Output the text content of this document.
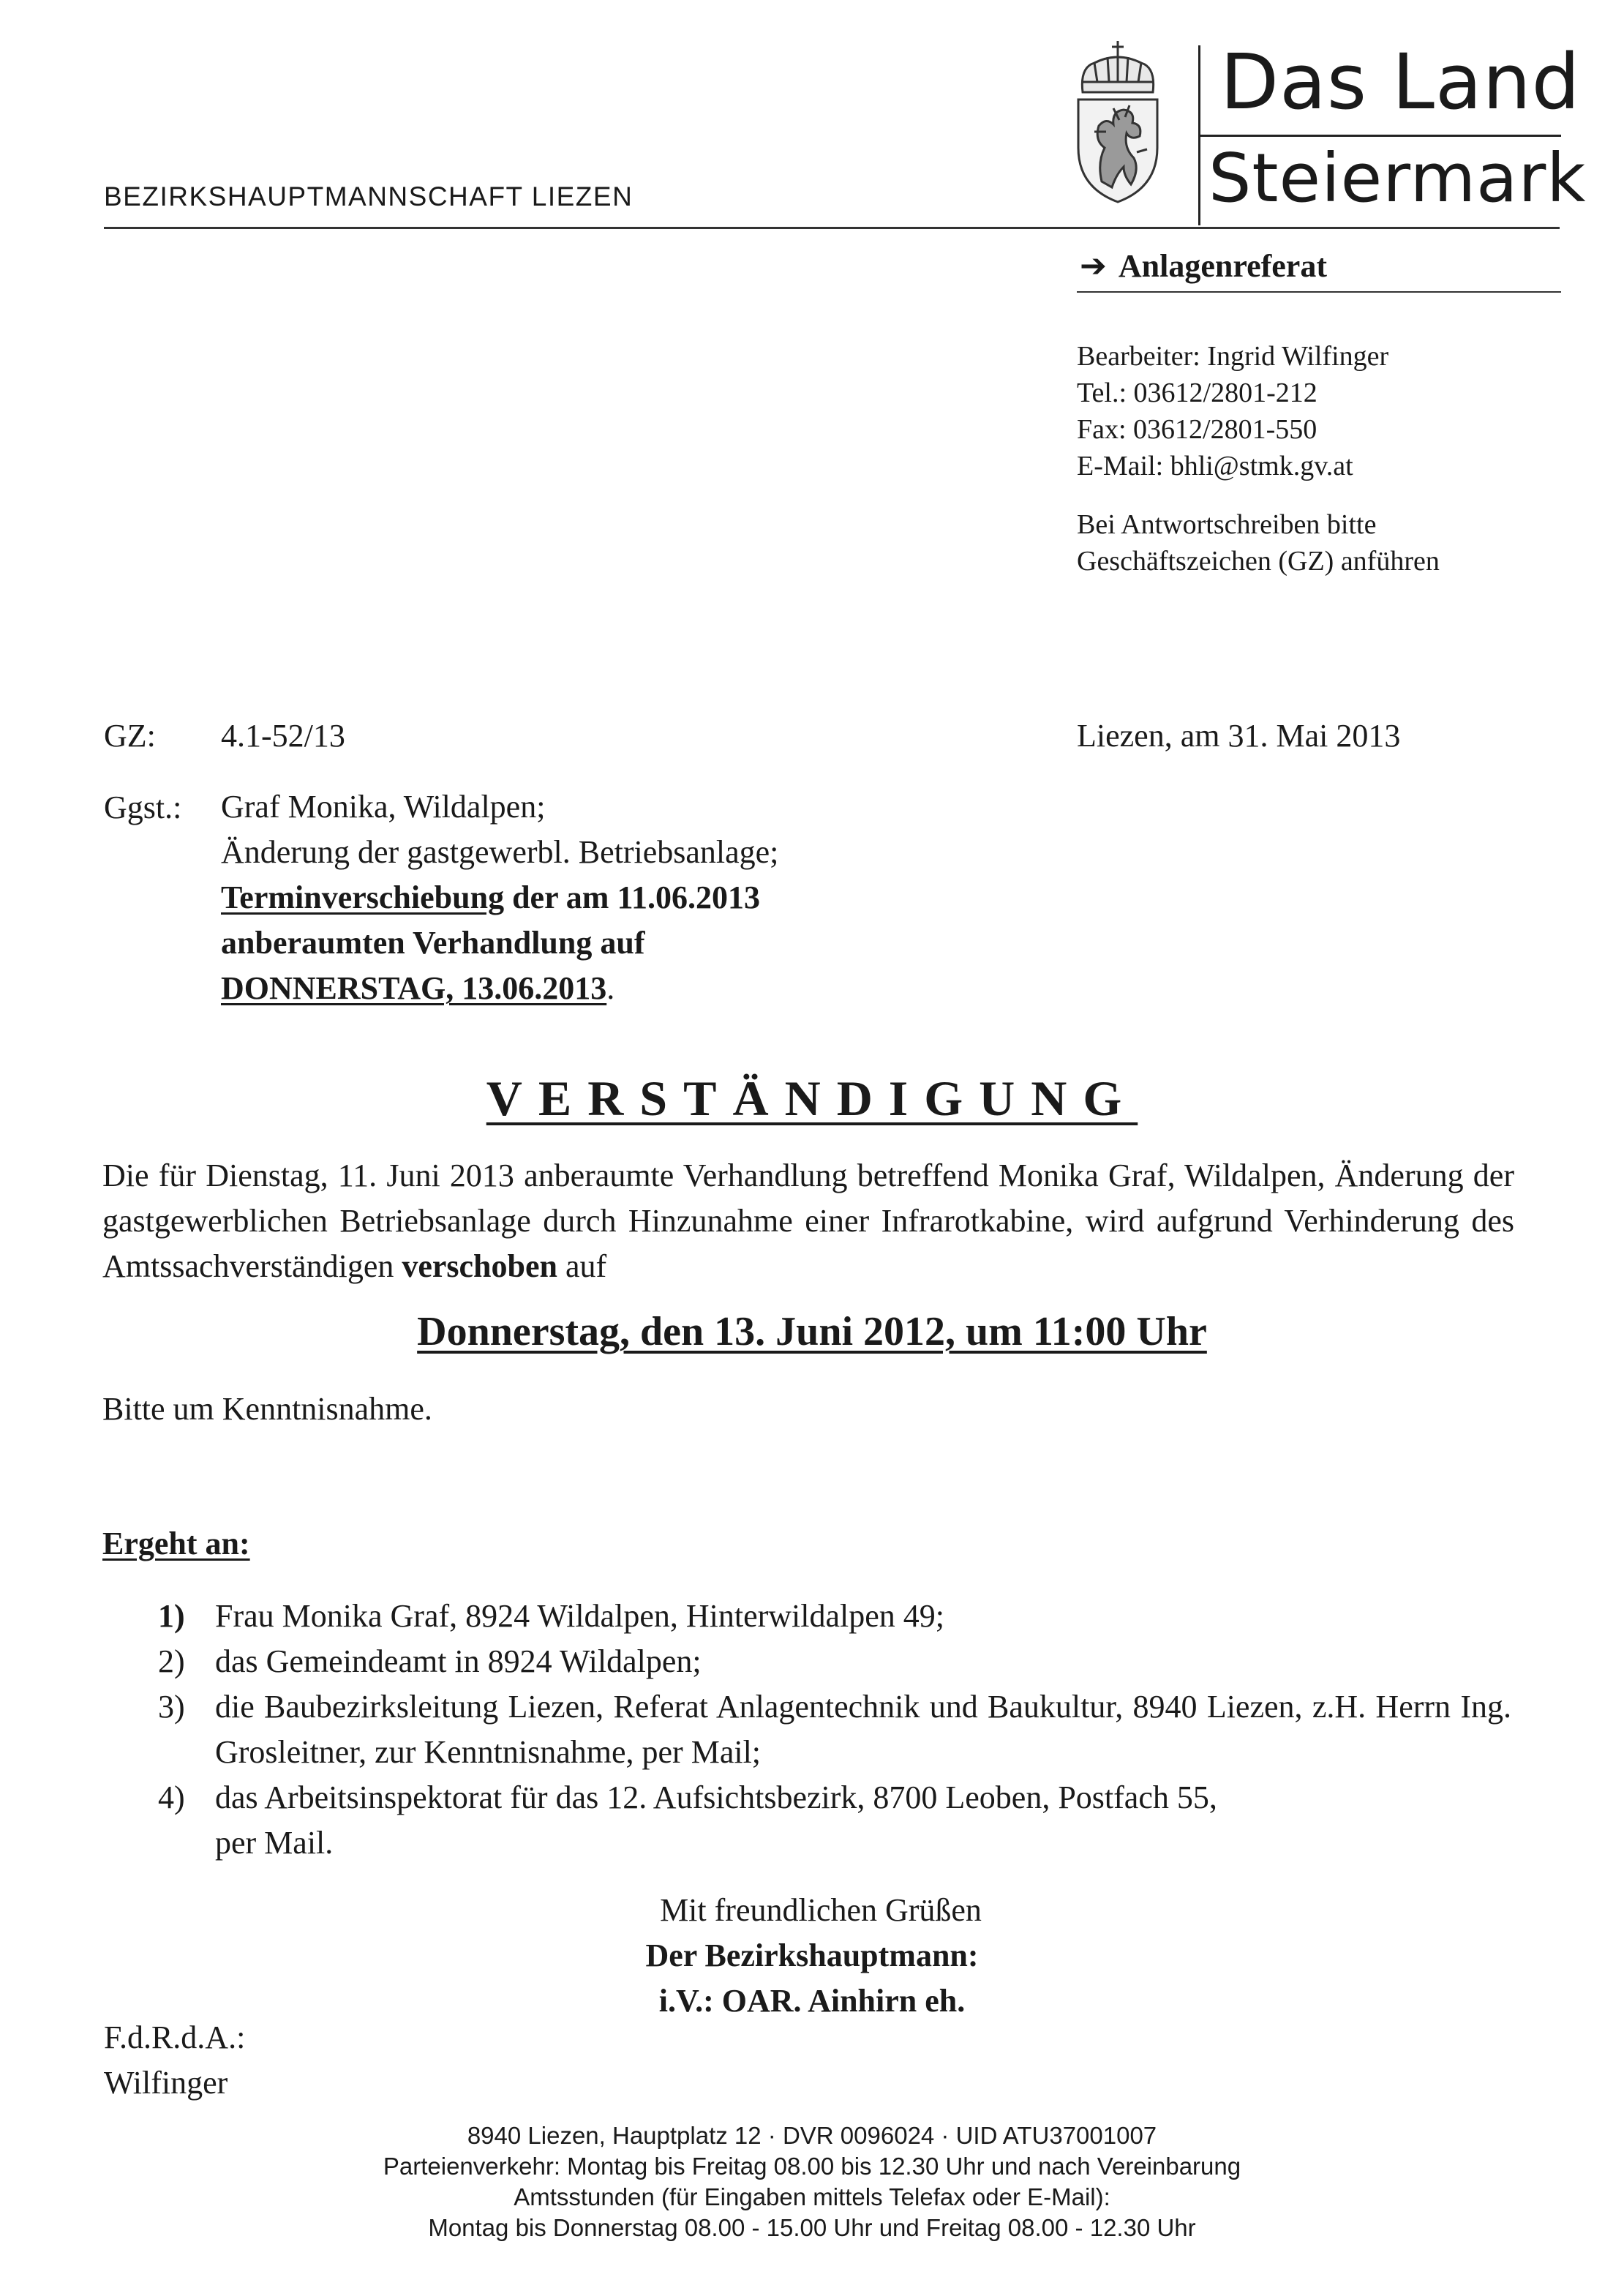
BEZIRKSHAUPTMANNSCHAFT LIEZEN
Das Land
Steiermark
➔ Anlagenreferat
Bearbeiter: Ingrid Wilfinger
Tel.: 03612/2801-212
Fax: 03612/2801-550
E-Mail: bhli@stmk.gv.at
Bei Antwortschreiben bitte
Geschäftszeichen (GZ) anführen
GZ: 4.1-52/13	Liezen, am 31. Mai 2013
Ggst.: Graf Monika, Wildalpen;
Änderung der gastgewerbl. Betriebsanlage;
Terminverschiebung der am 11.06.2013
anberaumten Verhandlung auf
DONNERSTAG, 13.06.2013.
VERSTÄNDIGUNG
Die für Dienstag, 11. Juni 2013 anberaumte Verhandlung betreffend Monika Graf, Wildalpen, Änderung der gastgewerblichen Betriebsanlage durch Hinzunahme einer Infrarotkabine, wird aufgrund Verhinderung des Amtssachverständigen verschoben auf
Donnerstag, den 13. Juni 2012, um 11:00 Uhr
Bitte um Kenntnisnahme.
Ergeht an:
1) Frau Monika Graf, 8924 Wildalpen, Hinterwildalpen 49;
2) das Gemeindeamt in 8924 Wildalpen;
3) die Baubezirksleitung Liezen, Referat Anlagentechnik und Baukultur, 8940 Liezen, z.H. Herrn Ing. Grosleitner, zur Kenntnisnahme, per Mail;
4) das Arbeitsinspektorat für das 12. Aufsichtsbezirk, 8700 Leoben, Postfach 55,
per Mail.
Mit freundlichen Grüßen
Der Bezirkshauptmann:
i.V.: OAR. Ainhirn eh.
F.d.R.d.A.:
Wilfinger
8940 Liezen, Hauptplatz 12 · DVR 0096024 · UID ATU37001007
Parteienverkehr: Montag bis Freitag 08.00 bis 12.30 Uhr und nach Vereinbarung
Amtsstunden (für Eingaben mittels Telefax oder E-Mail):
Montag bis Donnerstag 08.00 - 15.00 Uhr und Freitag 08.00 - 12.30 Uhr
